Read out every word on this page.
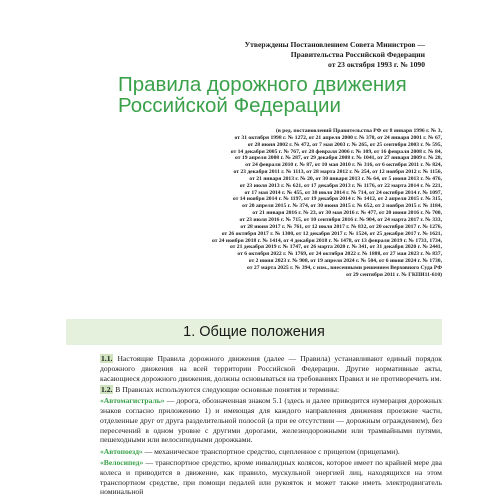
Утверждены Постановлением Совета Министров —
Правительства Российской Федерации
от 23 октября 1993 г. № 1090
Правила дорожного движения
Российской Федерации
(в ред. постановлений Правительства РФ от 8 января 1996 г. № 3,
от 31 октября 1998 г. № 1272, от 21 апреля 2000 г. № 370, от 24 января 2001 г. № 67,
от 28 июня 2002 г. № 472, от 7 мая 2003 г. № 265, от 25 сентября 2003 г. № 595,
от 14 декабря 2005 г. № 767, от 28 февраля 2006 г. № 109, от 16 февраля 2008 г. № 84,
от 19 апреля 2008 г. № 287, от 29 декабря 2008 г. № 1041, от 27 января 2009 г. № 28,
от 24 февраля 2010 г. № 87, от 10 мая 2010 г. № 316, от 6 октября 2011 г. № 824,
от 23 декабря 2011 г. № 1113, от 28 марта 2012 г. № 254, от 12 ноября 2012 г. № 1156,
от 21 января 2013 г. № 20, от 30 января 2013 г. № 64, от 5 июня 2013 г. № 476,
от 23 июля 2013 г. № 621, от 17 декабря 2013 г. № 1176, от 22 марта 2014 г. № 221,
от 17 мая 2014 г. № 455, от 30 июля 2014 г. № 714, от 24 октября 2014 г. № 1097,
от 14 ноября 2014 г. № 1197, от 19 декабря 2014 г. № 1412, от 2 апреля 2015 г. № 315,
от 20 апреля 2015 г. № 374, от 30 июня 2015 г. № 652, от 2 ноября 2015 г. № 1184,
от 21 января 2016 г. № 23, от 30 мая 2016 г. № 477, от 20 июня 2016 г. № 700,
от 23 июля 2016 г. № 715, от 10 сентября 2016 г. № 904, от 24 марта 2017 г. № 333,
от 28 июня 2017 г. № 761, от 12 июля 2017 г. № 832, от 20 октября 2017 г. № 1276,
от 26 октября 2017 г. № 1300, от 12 декабря 2017 г. № 1524, от 25 декабря 2017 г. № 1621,
от 24 ноября 2018 г. № 1414, от 4 декабря 2018 г. № 1478, от 13 февраля 2019 г. № 1733, 1734,
от 21 декабря 2019 г. № 1747, от 26 марта 2020 г. № 341, от 31 декабря 2020 г. № 2441,
от 6 октября 2022 г. № 1769, от 24 октября 2022 г. № 1888, от 27 мая 2023 г. № 837,
от 2 июня 2023 г. № 908, от 19 апреля 2024 г. № 504, от 6 июня 2024 г. № 1730,
от 27 марта 2025 г. № 394, с изм., внесенными решением Верховного Суда РФ
от 29 сентября 2011 г. № ГКПИ11-610)
1. Общие положения
1.1. Настоящие Правила дорожного движения (далее — Правила) устанавливают единый порядок дорожного движения на всей территории Российской Федерации. Другие нормативные акты, касающиеся дорожного движения, должны основываться на требованиях Правил и не противоречить им.
1.2. В Правилах используются следующие основные понятия и термины:
«Автомагистраль» — дорога, обозначенная знаком 5.1 (здесь и далее приводится нумерация дорожных знаков согласно приложению 1) и имеющая для каждого направления движения проезжие части, отделенные друг от друга разделительной полосой (а при ее отсутствии — дорожным ограждением), без пересечений в одном уровне с другими дорогами, железнодорожными или трамвайными путями, пешеходными или велосипедными дорожками.
«Автопоезд» — механическое транспортное средство, сцепленное с прицепом (прицепами).
«Велосипед» — транспортное средство, кроме инвалидных колясок, которое имеет по крайней мере два колеса и приводится в движение, как правило, мускульной энергией лиц, находящихся на этом транспортном средстве, при помощи педалей или рукояток и может также иметь электродвигатель номинальной
